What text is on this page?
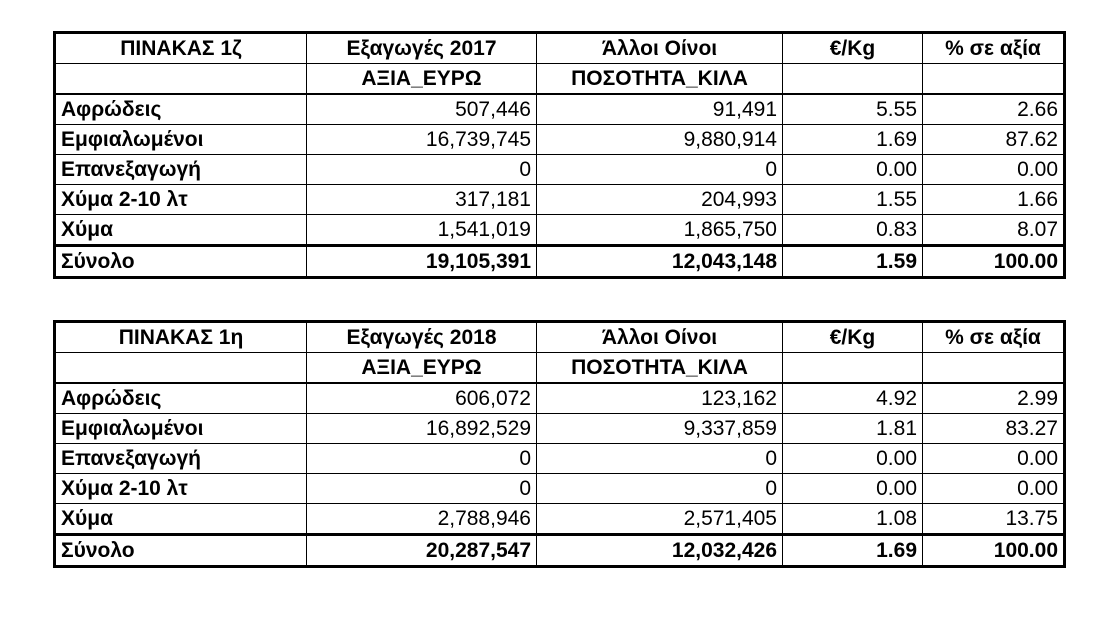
ΠΙΝΑΚΑΣ 1ζ	Εξαγωγές 2017	Άλλοι Οίνοι	€/Kg	% σε αξία
	ΑΞΙΑ_ΕΥΡΩ	ΠΟΣΟΤΗΤΑ_ΚΙΛΑ		
Αφρώδεις	507,446	91,491	5.55	2.66
Εμφιαλωμένοι	16,739,745	9,880,914	1.69	87.62
Επανεξαγωγή	0	0	0.00	0.00
Χύμα 2-10 λτ	317,181	204,993	1.55	1.66
Χύμα	1,541,019	1,865,750	0.83	8.07
Σύνολο	19,105,391	12,043,148	1.59	100.00
ΠΙΝΑΚΑΣ 1η	Εξαγωγές 2018	Άλλοι Οίνοι	€/Kg	% σε αξία
	ΑΞΙΑ_ΕΥΡΩ	ΠΟΣΟΤΗΤΑ_ΚΙΛΑ		
Αφρώδεις	606,072	123,162	4.92	2.99
Εμφιαλωμένοι	16,892,529	9,337,859	1.81	83.27
Επανεξαγωγή	0	0	0.00	0.00
Χύμα 2-10 λτ	0	0	0.00	0.00
Χύμα	2,788,946	2,571,405	1.08	13.75
Σύνολο	20,287,547	12,032,426	1.69	100.00
